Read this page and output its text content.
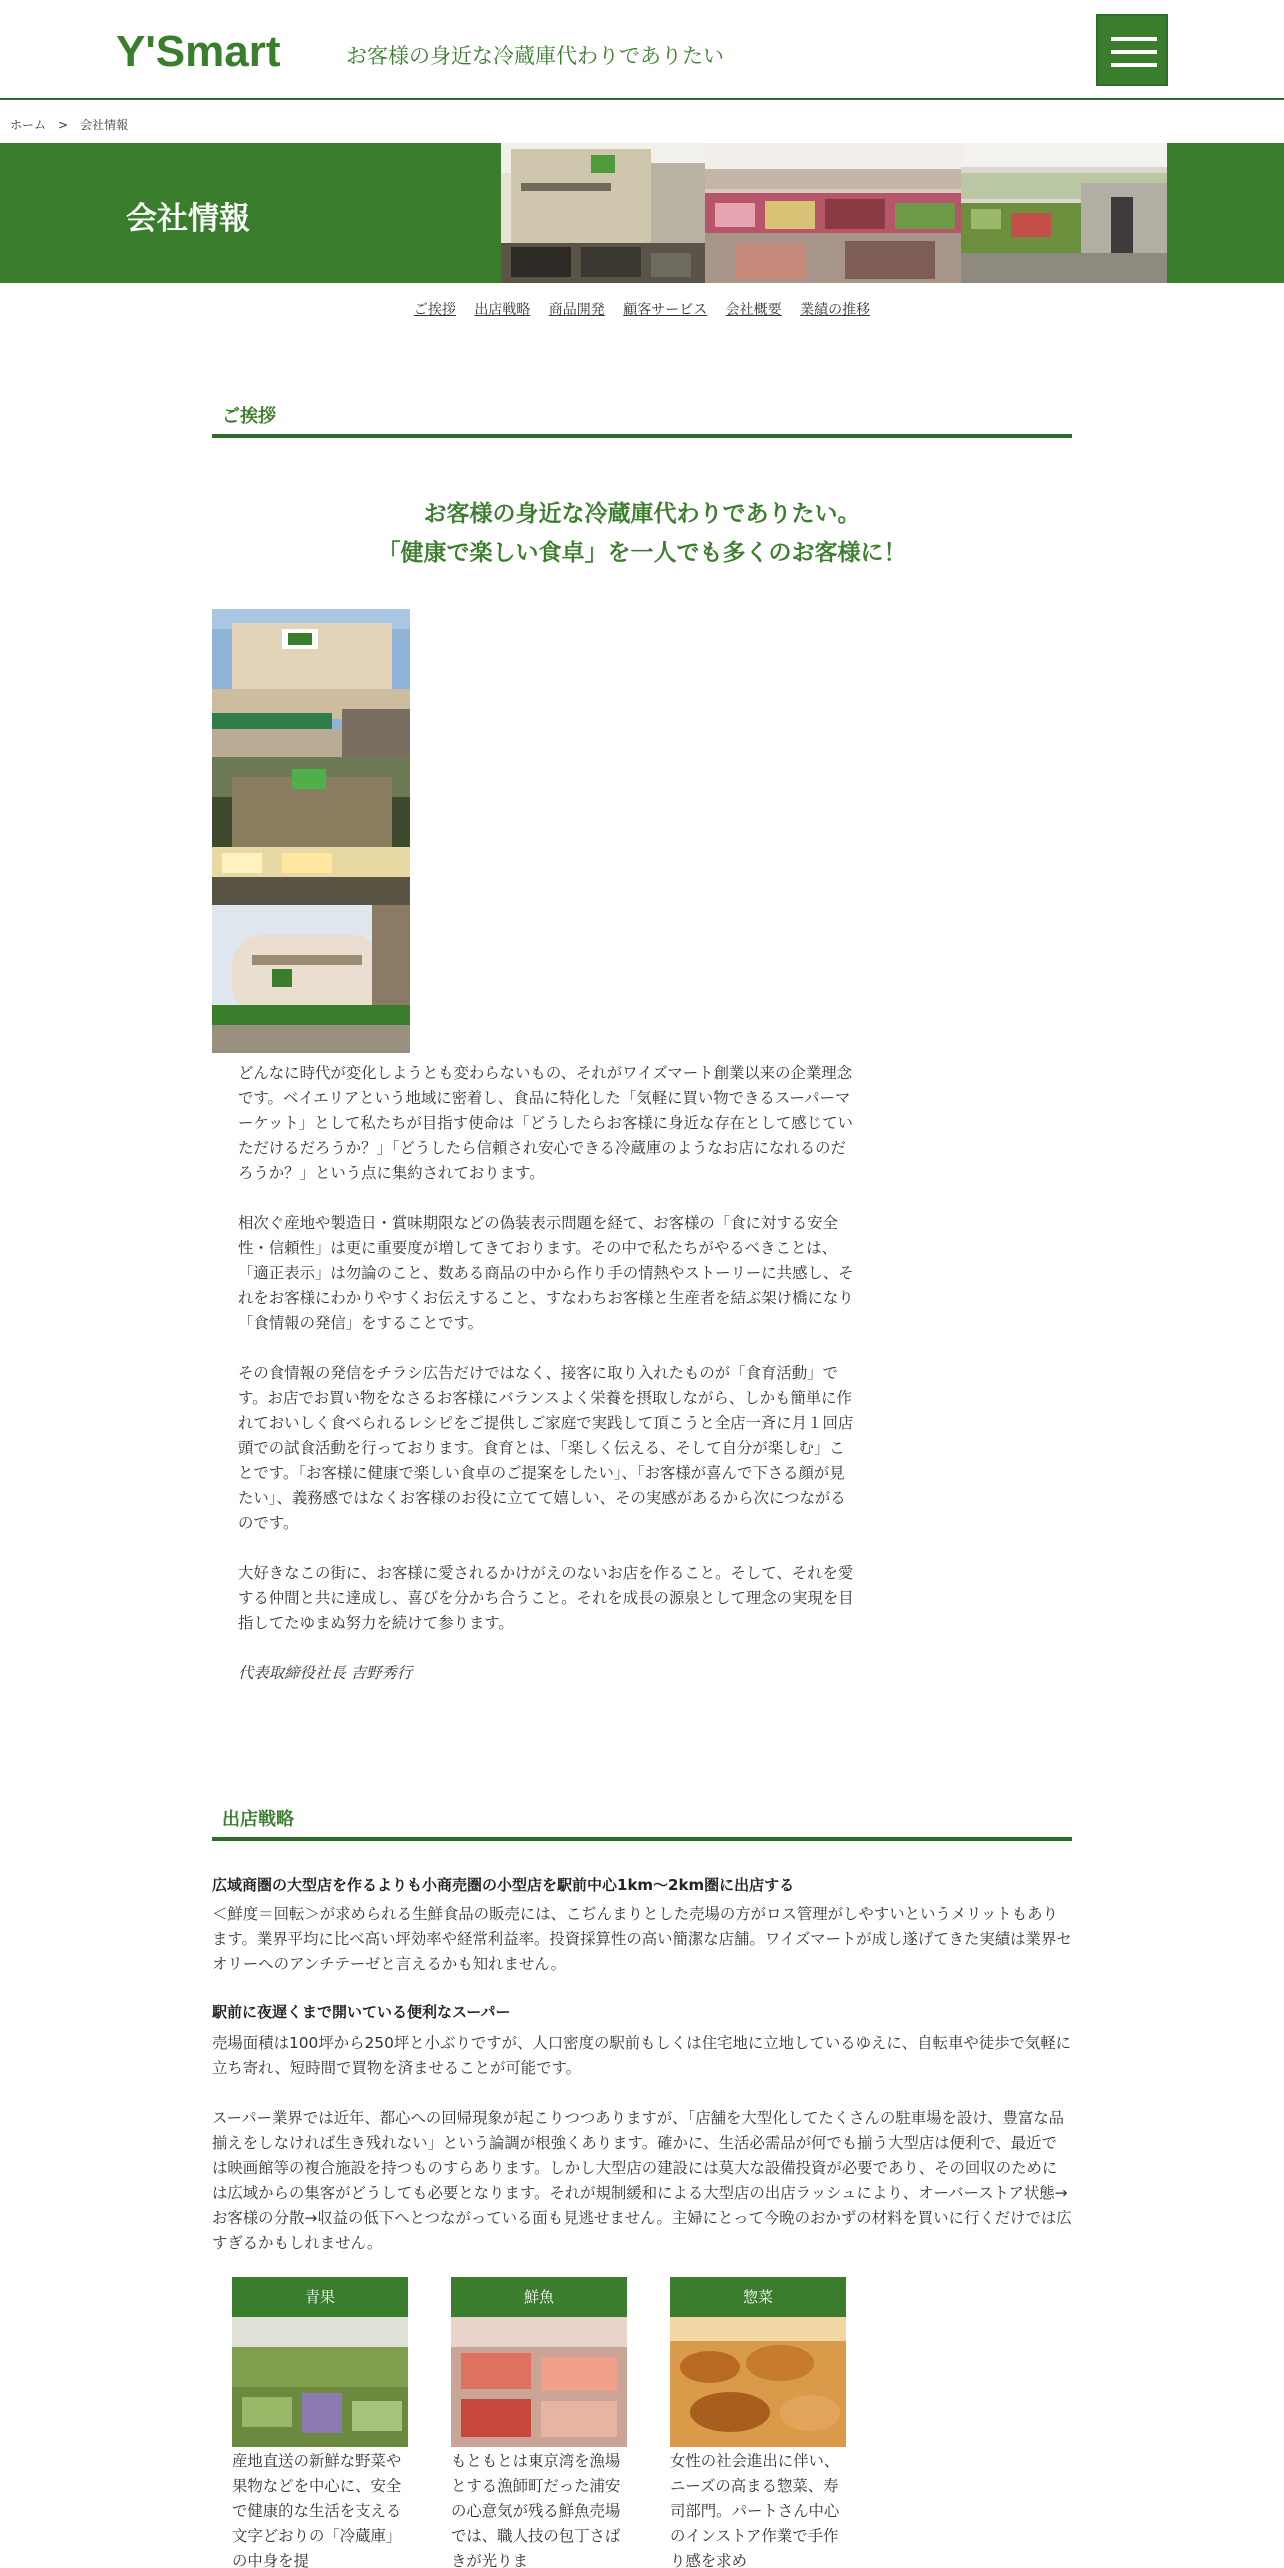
Y'Smart	お客様の身近な冷蔵庫代わりでありたい
ホーム > 会社情報
会社情報
ご挨拶 出店戦略 商品開発 顧客サービス 会社概要 業績の推移
ご挨拶
お客様の身近な冷蔵庫代わりでありたい。
「健康で楽しい食卓」を一人でも多くのお客様に！

どんなに時代が変化しようとも変わらないもの、それがワイズマート創業以来の企業理念です。ベイエリアという地域に密着し、食品に特化した「気軽に買い物できるスーパーマーケット」として私たちが目指す使命は「どうしたらお客様に身近な存在として感じていただけるだろうか？」「どうしたら信頼され安心できる冷蔵庫のようなお店になれるのだろうか？」という点に集約されております。

相次ぐ産地や製造日・賞味期限などの偽装表示問題を経て、お客様の「食に対する安全性・信頼性」は更に重要度が増してきております。その中で私たちがやるべきことは、「適正表示」は勿論のこと、数ある商品の中から作り手の情熱やストーリーに共感し、それをお客様にわかりやすくお伝えすること、すなわちお客様と生産者を結ぶ架け橋になり「食情報の発信」をすることです。

その食情報の発信をチラシ広告だけではなく、接客に取り入れたものが「食育活動」です。お店でお買い物をなさるお客様にバランスよく栄養を摂取しながら、しかも簡単に作れておいしく食べられるレシピをご提供しご家庭で実践して頂こうと全店一斉に月１回店頭での試食活動を行っております。食育とは、「楽しく伝える、そして自分が楽しむ」ことです。「お客様に健康で楽しい食卓のご提案をしたい」、「お客様が喜んで下さる顔が見たい」、義務感ではなくお客様のお役に立てて嬉しい、その実感があるから次につながるのです。

大好きなこの街に、お客様に愛されるかけがえのないお店を作ること。そして、それを愛する仲間と共に達成し、喜びを分かち合うこと。それを成長の源泉として理念の実現を目指してたゆまぬ努力を続けて参ります。

代表取締役社長 吉野秀行

出店戦略
広域商圏の大型店を作るよりも小商売圏の小型店を駅前中心1km〜2km圏に出店する
＜鮮度＝回転＞が求められる生鮮食品の販売には、こぢんまりとした売場の方がロス管理がしやすいというメリットもあります。業界平均に比べ高い坪効率や経常利益率。投資採算性の高い簡潔な店舗。ワイズマートが成し遂げてきた実績は業界セオリーへのアンチテーゼと言えるかも知れません。
駅前に夜遅くまで開いている便利なスーパー
売場面積は100坪から250坪と小ぶりですが、人口密度の駅前もしくは住宅地に立地しているゆえに、自転車や徒歩で気軽に立ち寄れ、短時間で買物を済ませることが可能です。
スーパー業界では近年、都心への回帰現象が起こりつつありますが、「店舗を大型化してたくさんの駐車場を設け、豊富な品揃えをしなければ生き残れない」という論調が根強くあります。確かに、生活必需品が何でも揃う大型店は便利で、最近では映画館等の複合施設を持つものすらあります。しかし大型店の建設には莫大な設備投資が必要であり、その回収のためには広域からの集客がどうしても必要となります。それが規制緩和による大型店の出店ラッシュにより、オーバーストア状態→お客様の分散→収益の低下へとつながっている面も見逃せません。主婦にとって今晩のおかずの材料を買いに行くだけでは広すぎるかもしれません。
青果
産地直送の新鮮な野菜や果物などを中心に、安全で健康的な生活を支える文字どおりの「冷蔵庫」の中身を提
鮮魚
もともとは東京湾を漁場とする漁師町だった浦安の心意気が残る鮮魚売場では、職人技の包丁さばきが光りま
惣菜
女性の社会進出に伴い、ニーズの高まる惣菜、寿司部門。パートさん中心のインストア作業で手作り感を求め
